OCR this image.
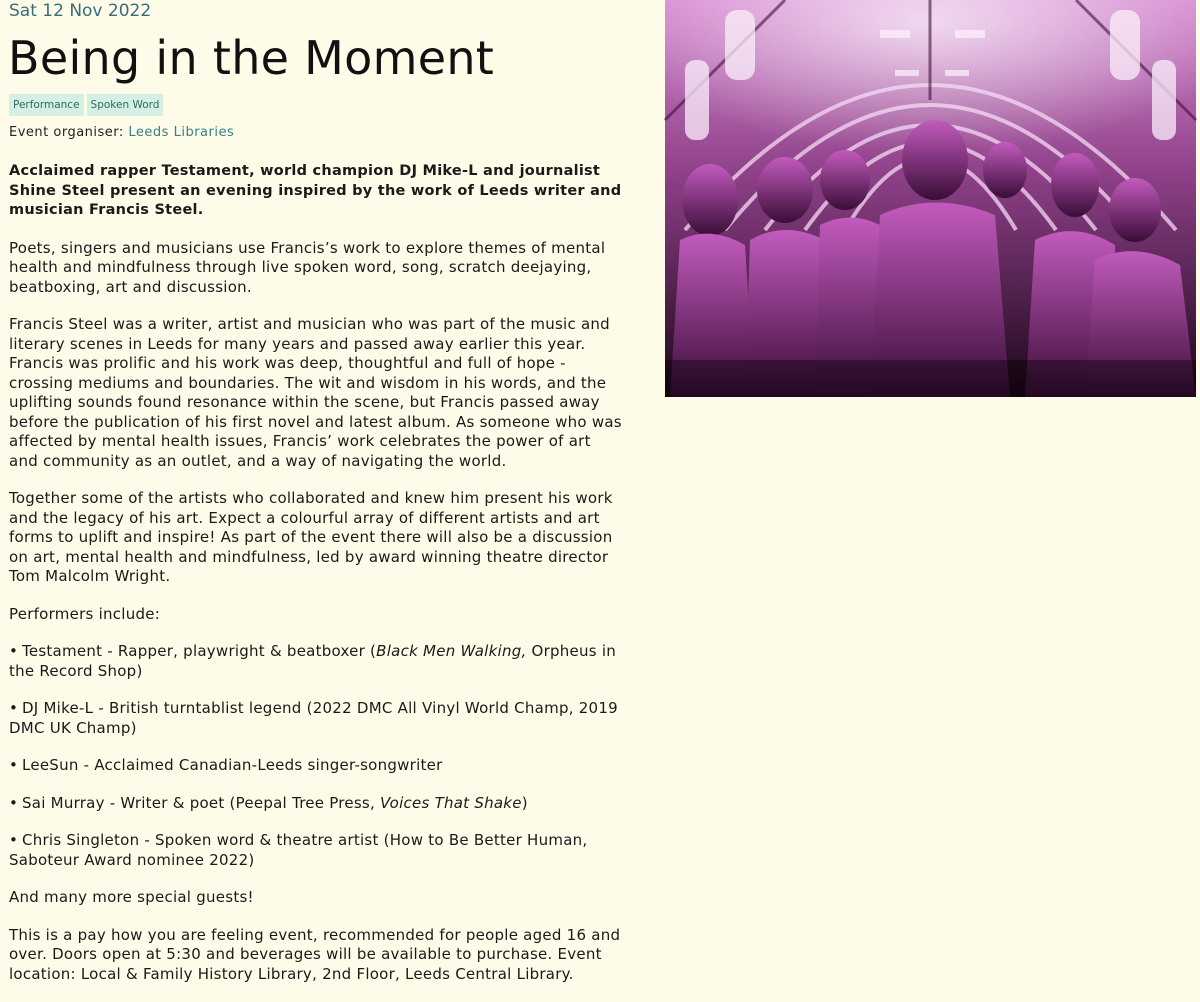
Sat 12 Nov 2022
Being in the Moment
Performance	Spoken Word
Event organiser: Leeds Libraries

Acclaimed rapper Testament, world champion DJ Mike-L and journalist Shine Steel present an evening inspired by the work of Leeds writer and musician Francis Steel.

Poets, singers and musicians use Francis’s work to explore themes of mental health and mindfulness through live spoken word, song, scratch deejaying, beatboxing, art and discussion.

Francis Steel was a writer, artist and musician who was part of the music and literary scenes in Leeds for many years and passed away earlier this year. Francis was prolific and his work was deep, thoughtful and full of hope - crossing mediums and boundaries. The wit and wisdom in his words, and the uplifting sounds found resonance within the scene, but Francis passed away before the publication of his first novel and latest album. As someone who was affected by mental health issues, Francis’ work celebrates the power of art and community as an outlet, and a way of navigating the world.

Together some of the artists who collaborated and knew him present his work and the legacy of his art. Expect a colourful array of different artists and art forms to uplift and inspire! As part of the event there will also be a discussion on art, mental health and mindfulness, led by award winning theatre director Tom Malcolm Wright.

Performers include:

• Testament - Rapper, playwright & beatboxer (Black Men Walking, Orpheus in the Record Shop)

• DJ Mike-L - British turntablist legend (2022 DMC All Vinyl World Champ, 2019 DMC UK Champ)

• LeeSun - Acclaimed Canadian-Leeds singer-songwriter

• Sai Murray - Writer & poet (Peepal Tree Press, Voices That Shake)

• Chris Singleton - Spoken word & theatre artist (How to Be Better Human, Saboteur Award nominee 2022)

And many more special guests!

This is a pay how you are feeling event, recommended for people aged 16 and over. Doors open at 5:30 and beverages will be available to purchase. Event location: Local & Family History Library, 2nd Floor, Leeds Central Library.
